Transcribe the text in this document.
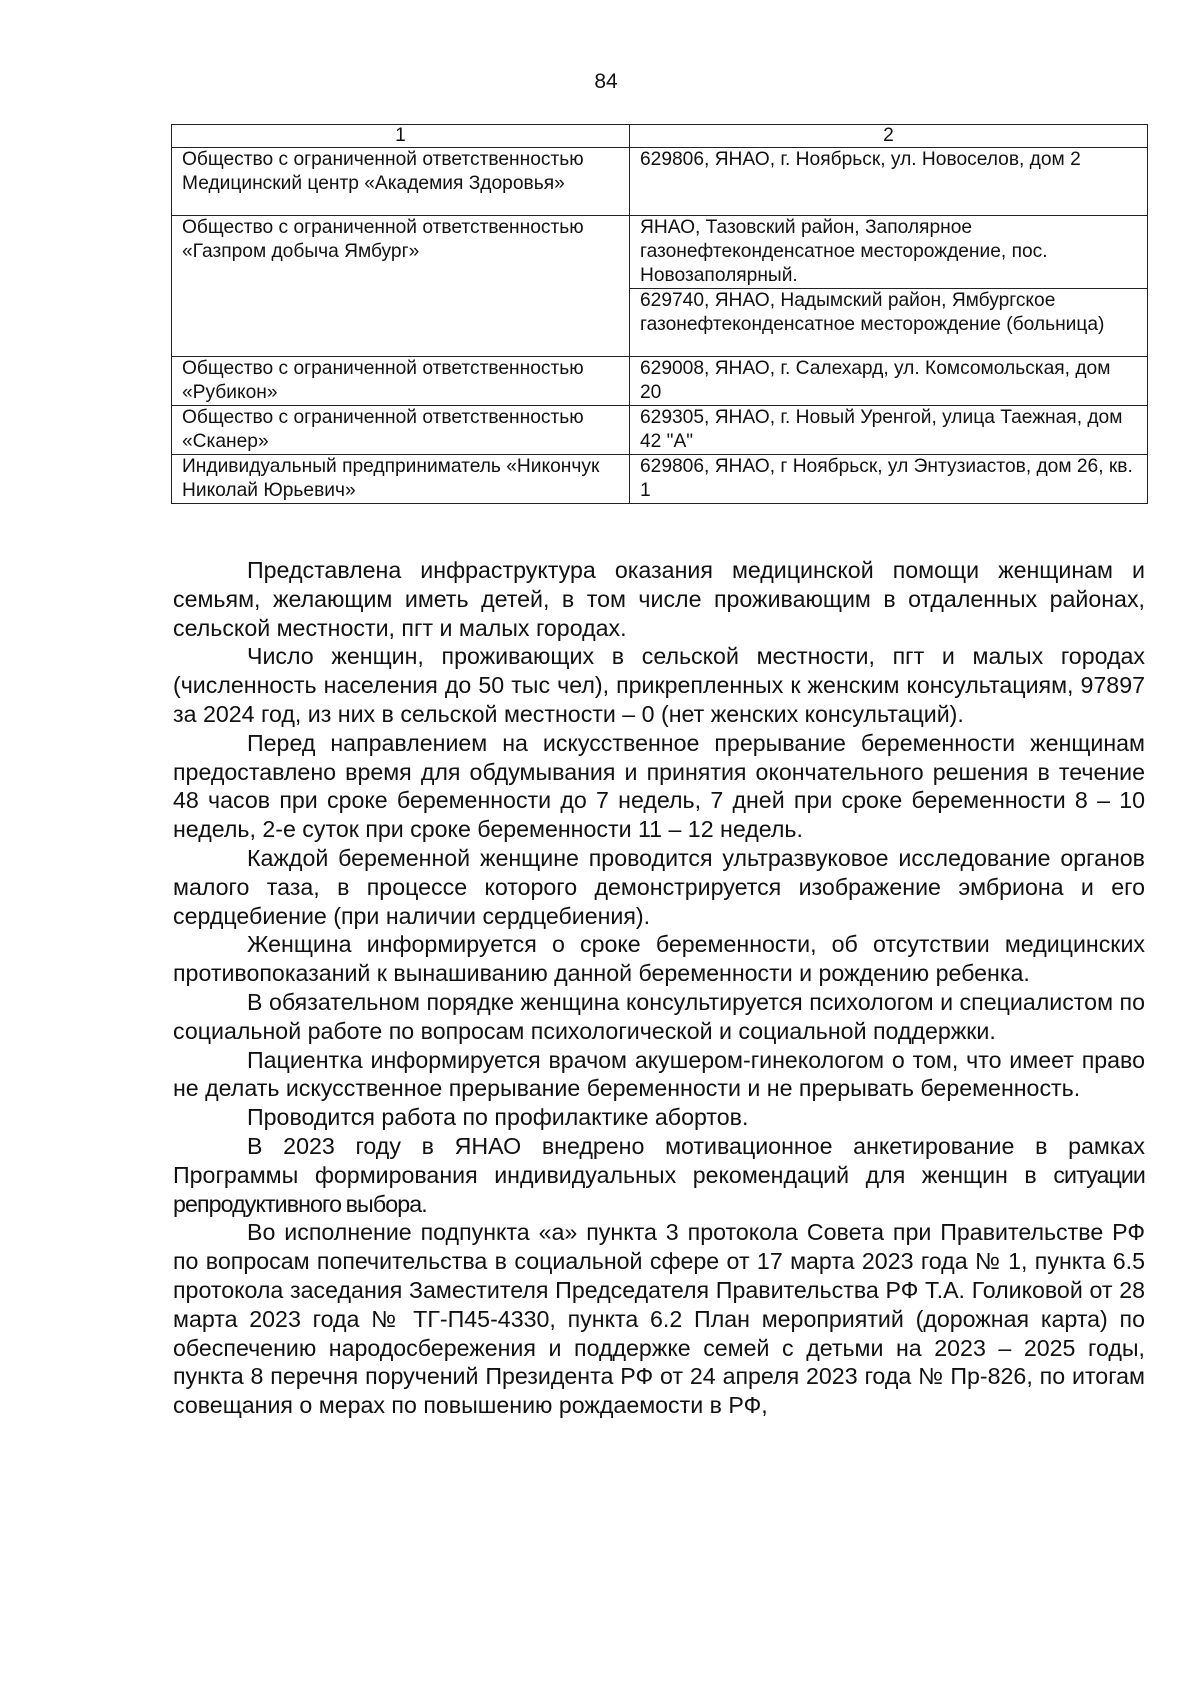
84
1	2
Общество с ограниченной ответственностью Медицинский центр «Академия Здоровья»	629806, ЯНАО, г. Ноябрьск, ул. Новоселов, дом 2
Общество с ограниченной ответственностью «Газпром добыча Ямбург»	ЯНАО, Тазовский район, Заполярное газонефтеконденсатное месторождение, пос. Новозаполярный.
	629740, ЯНАО, Надымский район, Ямбургское газонефтеконденсатное месторождение (больница)
Общество с ограниченной ответственностью «Рубикон»	629008, ЯНАО, г. Салехард, ул. Комсомольская, дом 20
Общество с ограниченной ответственностью «Сканер»	629305, ЯНАО, г. Новый Уренгой, улица Таежная, дом 42 "А"
Индивидуальный предприниматель «Никончук Николай Юрьевич»	629806, ЯНАО, г Ноябрьск, ул Энтузиастов, дом 26, кв. 1

Представлена инфраструктура оказания медицинской помощи женщинам и семьям, желающим иметь детей, в том числе проживающим в отдаленных районах, сельской местности, пгт и малых городах.

Число женщин, проживающих в сельской местности, пгт и малых городах (численность населения до 50 тыс чел), прикрепленных к женским консультациям, 97897 за 2024 год, из них в сельской местности – 0 (нет женских консультаций).

Перед направлением на искусственное прерывание беременности женщинам предоставлено время для обдумывания и принятия окончательного решения в течение 48 часов при сроке беременности до 7 недель, 7 дней при сроке беременности 8 – 10 недель, 2-е суток при сроке беременности 11 – 12 недель.

Каждой беременной женщине проводится ультразвуковое исследование органов малого таза, в процессе которого демонстрируется изображение эмбриона и его сердцебиение (при наличии сердцебиения).

Женщина информируется о сроке беременности, об отсутствии медицинских противопоказаний к вынашиванию данной беременности и рождению ребенка.

В обязательном порядке женщина консультируется психологом и специалистом по социальной работе по вопросам психологической и социальной поддержки.

Пациентка информируется врачом акушером-гинекологом о том, что имеет право не делать искусственное прерывание беременности и не прерывать беременность.

Проводится работа по профилактике абортов.

В 2023 году в ЯНАО внедрено мотивационное анкетирование в рамках Программы формирования индивидуальных рекомендаций для женщин в ситуации репродуктивного выбора.

Во исполнение подпункта «а» пункта 3 протокола Совета при Правительстве РФ по вопросам попечительства в социальной сфере от 17 марта 2023 года № 1, пункта 6.5 протокола заседания Заместителя Председателя Правительства РФ Т.А. Голиковой от 28 марта 2023 года № ТГ-П45-4330, пункта 6.2 План мероприятий (дорожная карта) по обеспечению народосбережения и поддержке семей с детьми на 2023 – 2025 годы, пункта 8 перечня поручений Президента РФ от 24 апреля 2023 года № Пр-826, по итогам совещания о мерах по повышению рождаемости в РФ,
